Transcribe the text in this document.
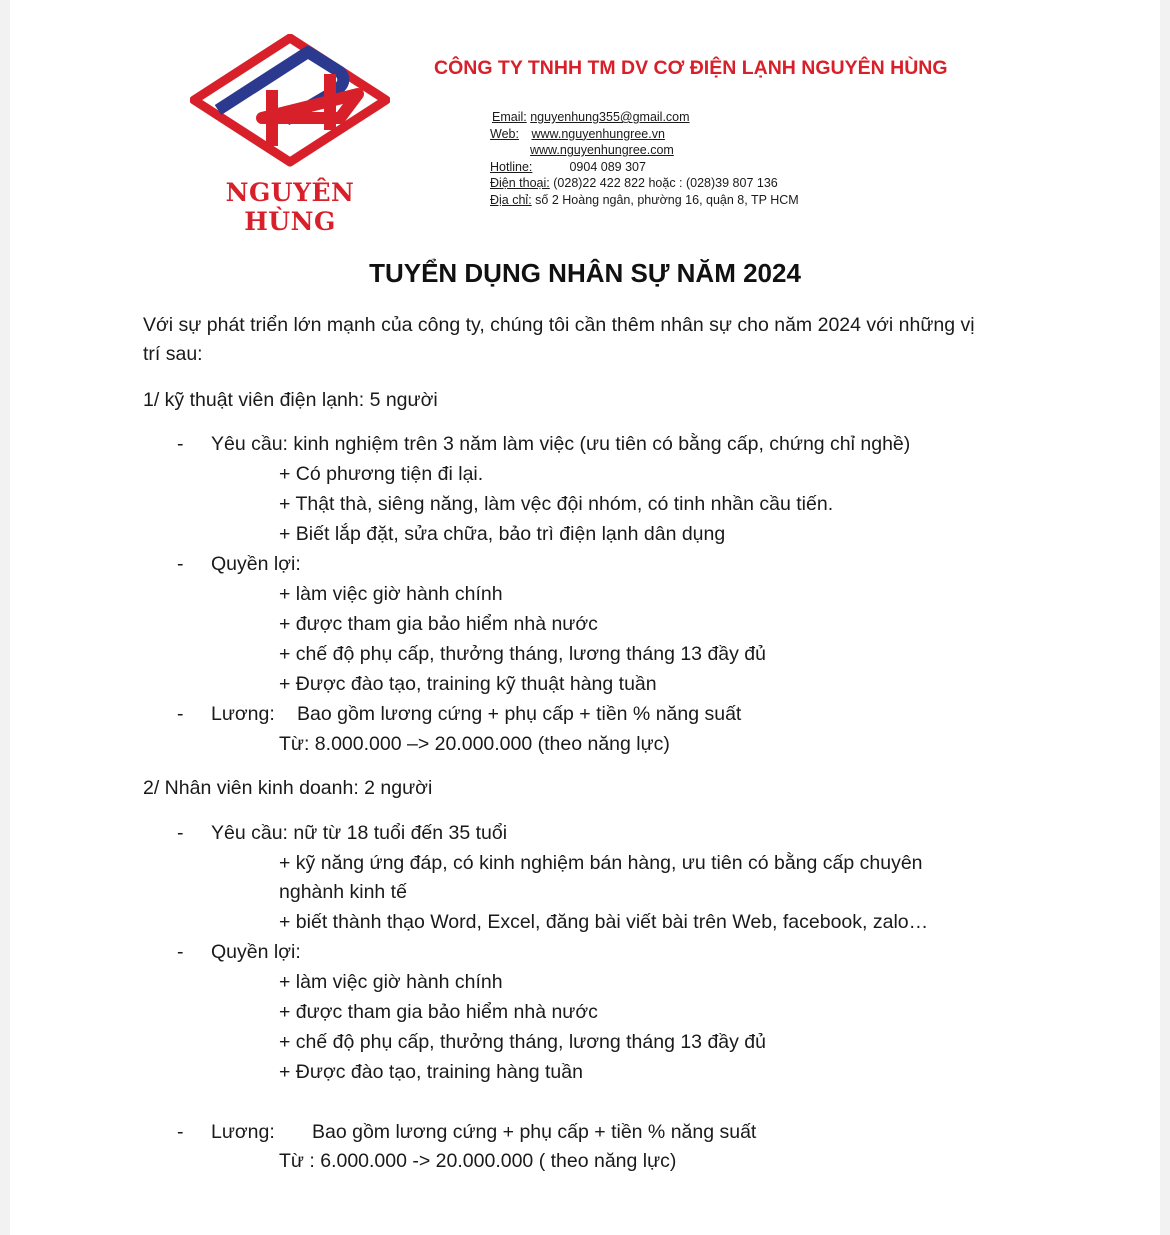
NGUYÊN HÙNG
CÔNG TY TNHH TM DV CƠ ĐIỆN LẠNH NGUYÊN HÙNG
Email: nguyenhung355@gmail.com
Web: www.nguyenhungree.vn
www.nguyenhungree.com
Hotline:	0904 089 307
Điện thoại: (028)22 422 822 hoặc : (028)39 807 136
Địa chỉ: số 2 Hoàng ngân, phường 16, quận 8, TP HCM
TUYỂN DỤNG NHÂN SỰ NĂM 2024
Với sự phát triển lớn mạnh của công ty, chúng tôi cần thêm nhân sự cho năm 2024 với những vị
trí sau:
1/ kỹ thuật viên điện lạnh: 5 người
- Yêu cầu: kinh nghiệm trên 3 năm làm việc (ưu tiên có bằng cấp, chứng chỉ nghề)
+ Có phương tiện đi lại.
+ Thật thà, siêng năng, làm vệc đội nhóm, có tinh nhần cầu tiến.
+ Biết lắp đặt, sửa chữa, bảo trì điện lạnh dân dụng
- Quyền lợi:
+ làm việc giờ hành chính
+ được tham gia bảo hiểm nhà nước
+ chế độ phụ cấp, thưởng tháng, lương tháng 13 đầy đủ
+ Được đào tạo, training kỹ thuật hàng tuần
- Lương: Bao gồm lương cứng + phụ cấp + tiền % năng suất
Từ: 8.000.000 –> 20.000.000 (theo năng lực)
2/ Nhân viên kinh doanh: 2 người
- Yêu cầu: nữ từ 18 tuổi đến 35 tuổi
+ kỹ năng ứng đáp, có kinh nghiệm bán hàng, ưu tiên có bằng cấp chuyên
nghành kinh tế
+ biết thành thạo Word, Excel, đăng bài viết bài trên Web, facebook, zalo…
- Quyền lợi:
+ làm việc giờ hành chính
+ được tham gia bảo hiểm nhà nước
+ chế độ phụ cấp, thưởng tháng, lương tháng 13 đầy đủ
+ Được đào tạo, training hàng tuần
- Lương: Bao gồm lương cứng + phụ cấp + tiền % năng suất
Từ : 6.000.000 -> 20.000.000 ( theo năng lực)
